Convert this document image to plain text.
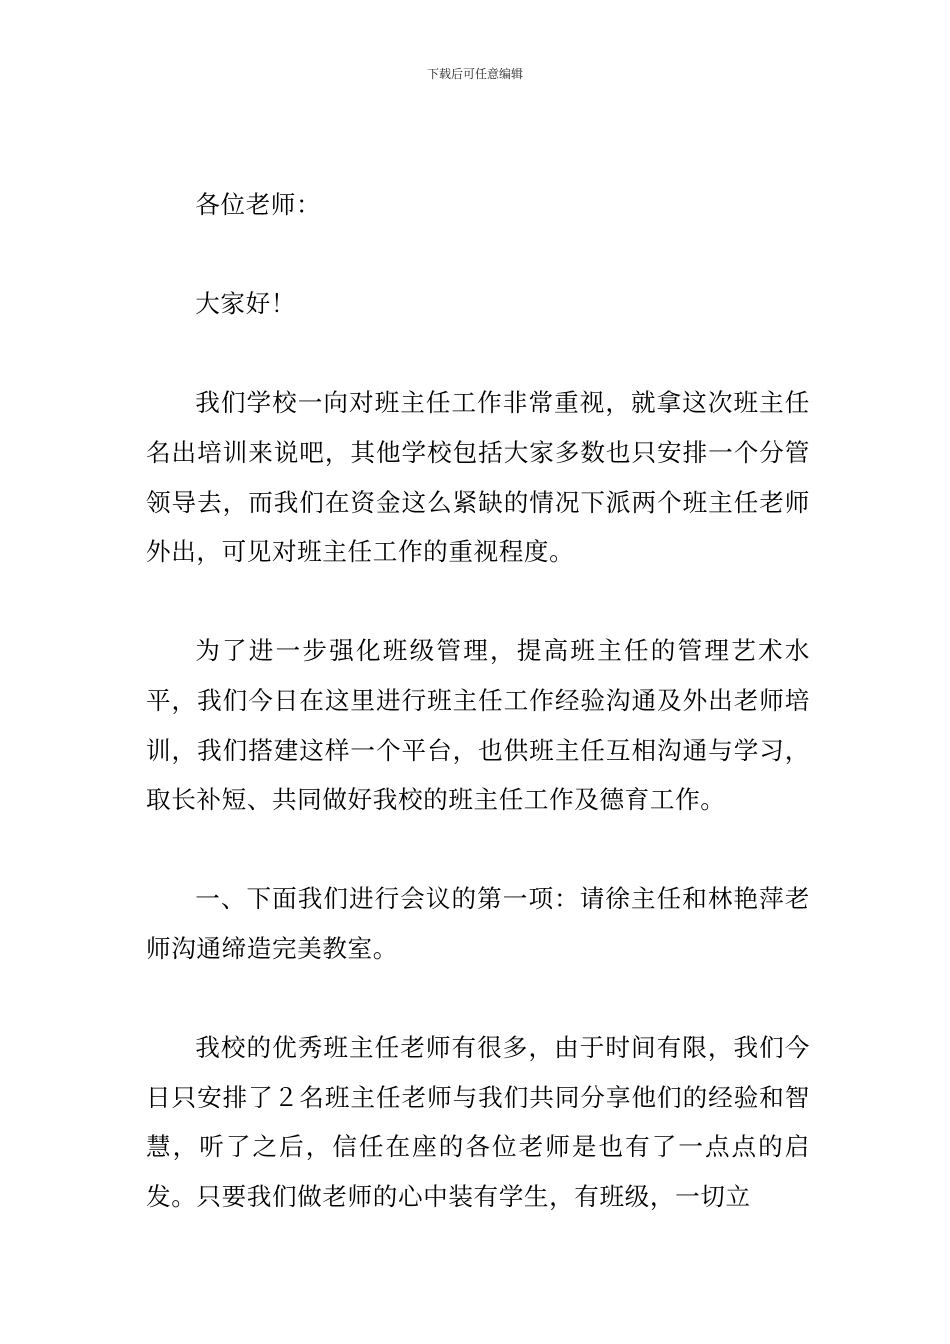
下载后可任意编辑

各位老师：

大家好！

我们学校一向对班主任工作非常重视，就拿这次班主任名出培训来说吧，其他学校包括大家多数也只安排一个分管领导去，而我们在资金这么紧缺的情况下派两个班主任老师外出，可见对班主任工作的重视程度。

为了进一步强化班级管理，提高班主任的管理艺术水平，我们今日在这里进行班主任工作经验沟通及外出老师培训，我们搭建这样一个平台，也供班主任互相沟通与学习，取长补短、共同做好我校的班主任工作及德育工作。

一、下面我们进行会议的第一项：请徐主任和林艳萍老师沟通缔造完美教室。

我校的优秀班主任老师有很多，由于时间有限，我们今日只安排了２名班主任老师与我们共同分享他们的经验和智慧，听了之后，信任在座的各位老师是也有了一点点的启发。只要我们做老师的心中装有学生，有班级，一切立
